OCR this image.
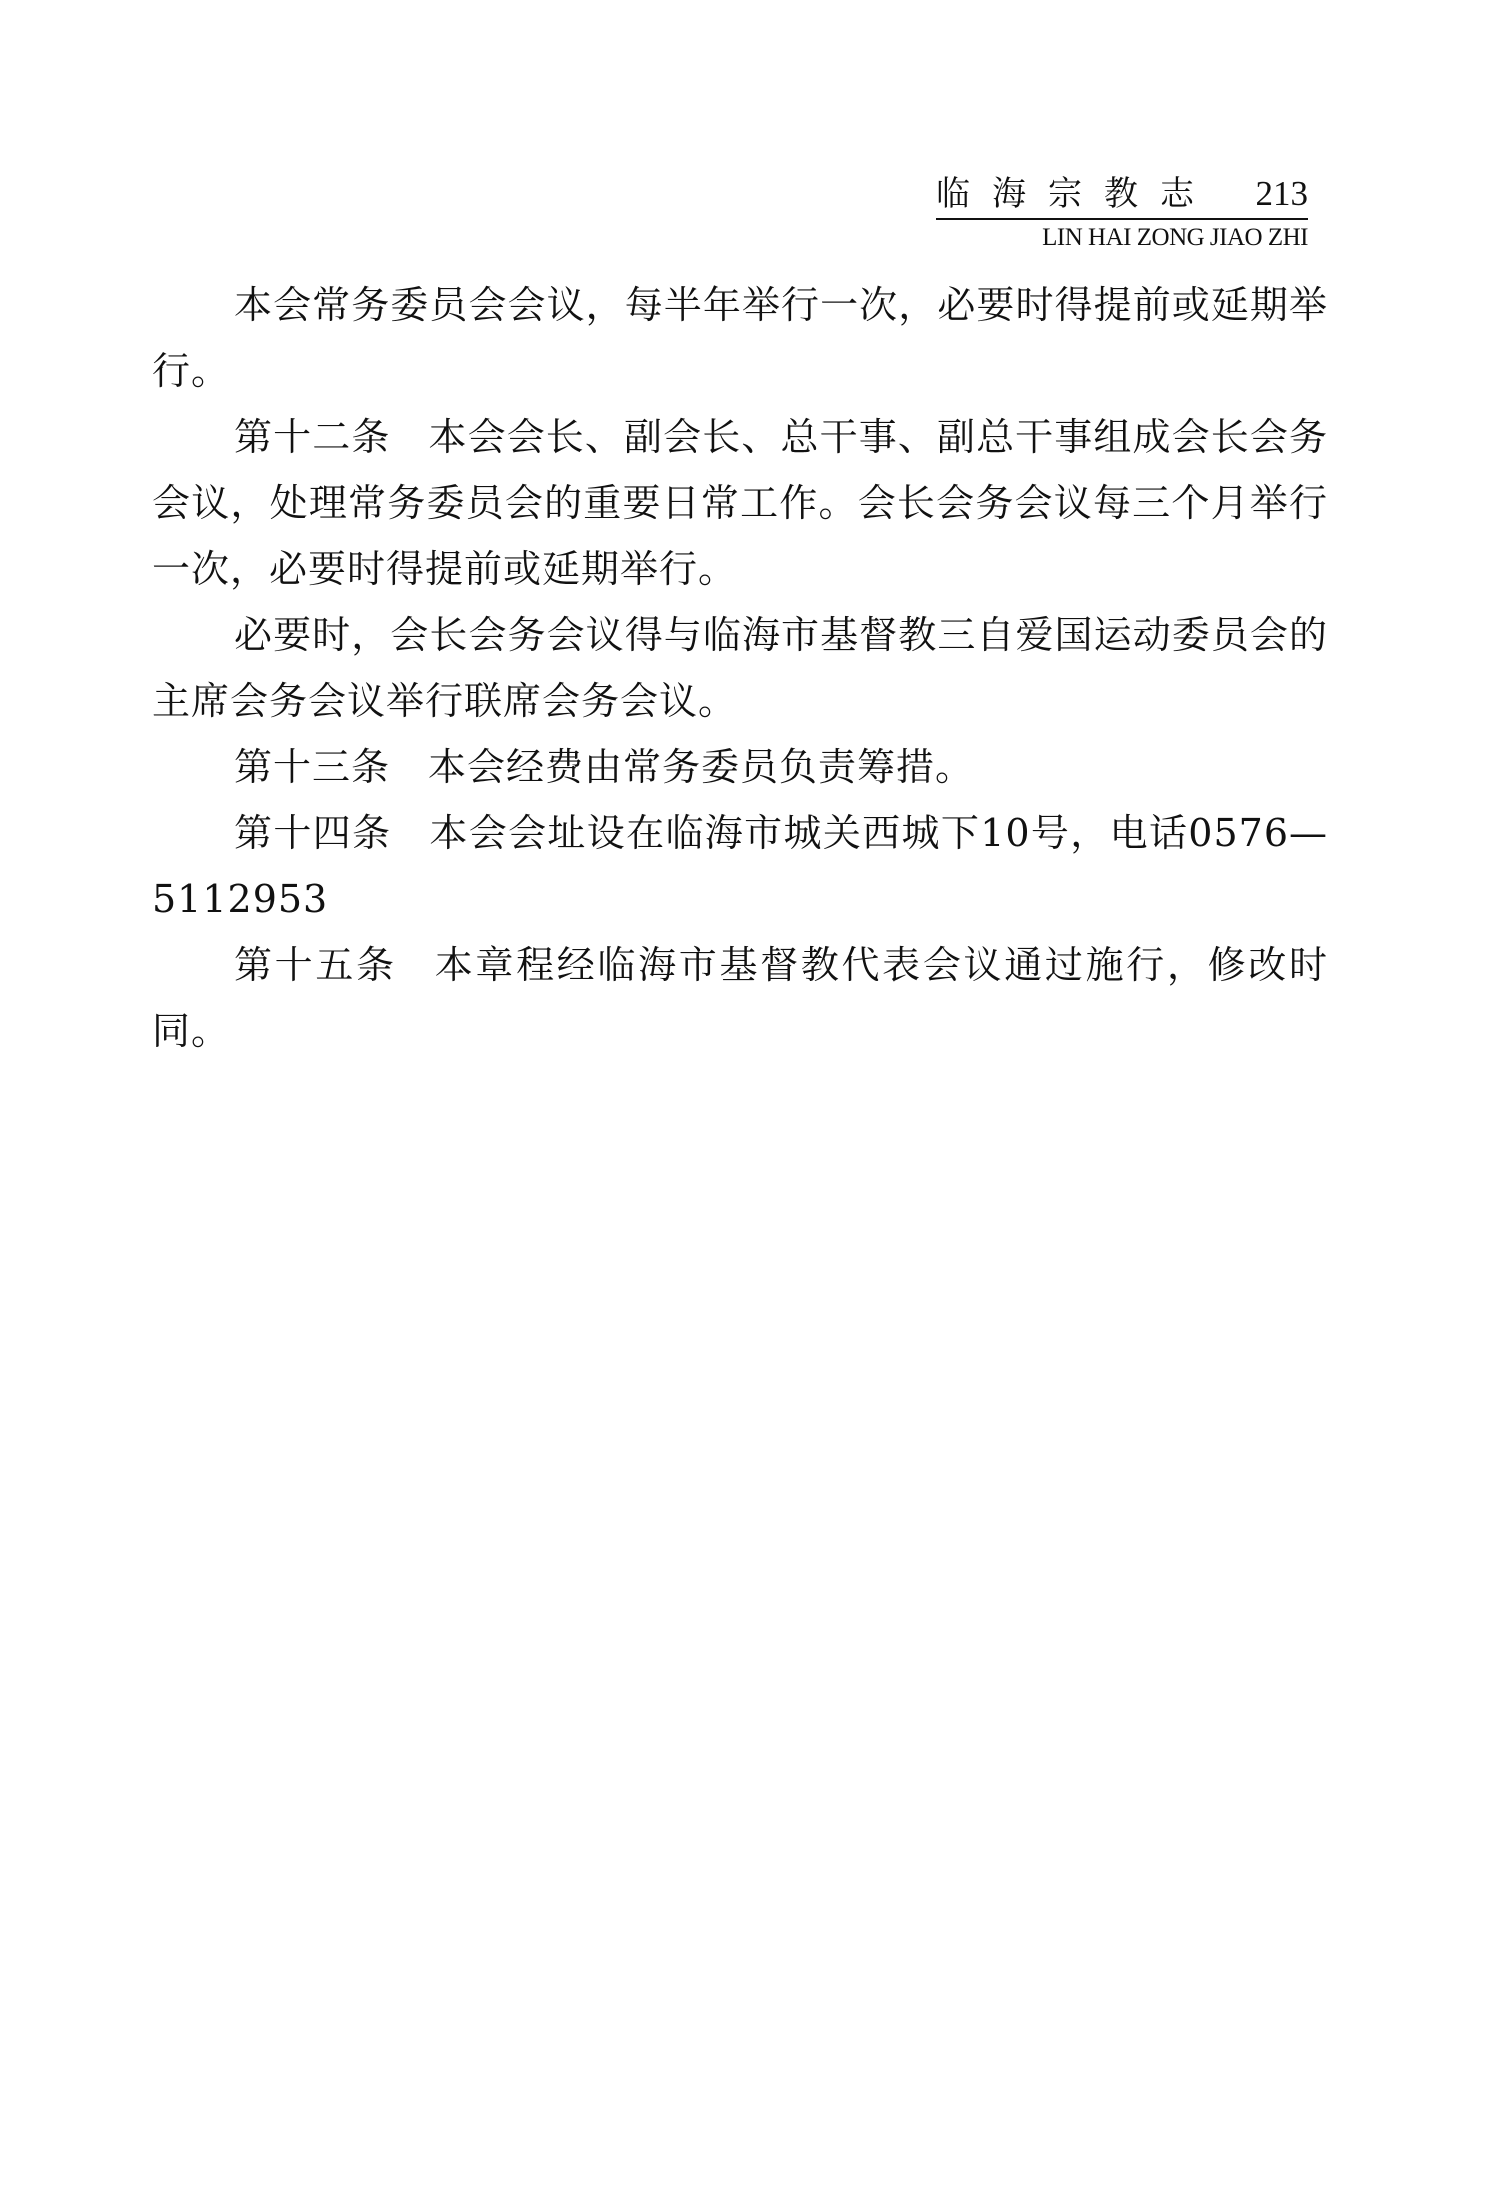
临海宗教志 213
LIN HAI ZONG JIAO ZHI

本会常务委员会会议，每半年举行一次，必要时得提前或延期举行。

第十二条 本会会长、副会长、总干事、副总干事组成会长会务会议，处理常务委员会的重要日常工作。会长会务会议每三个月举行一次，必要时得提前或延期举行。

必要时，会长会务会议得与临海市基督教三自爱国运动委员会的主席会务会议举行联席会务会议。

第十三条 本会经费由常务委员负责筹措。

第十四条 本会会址设在临海市城关西城下10号，电话0576—5112953

第十五条 本章程经临海市基督教代表会议通过施行，修改时同。
